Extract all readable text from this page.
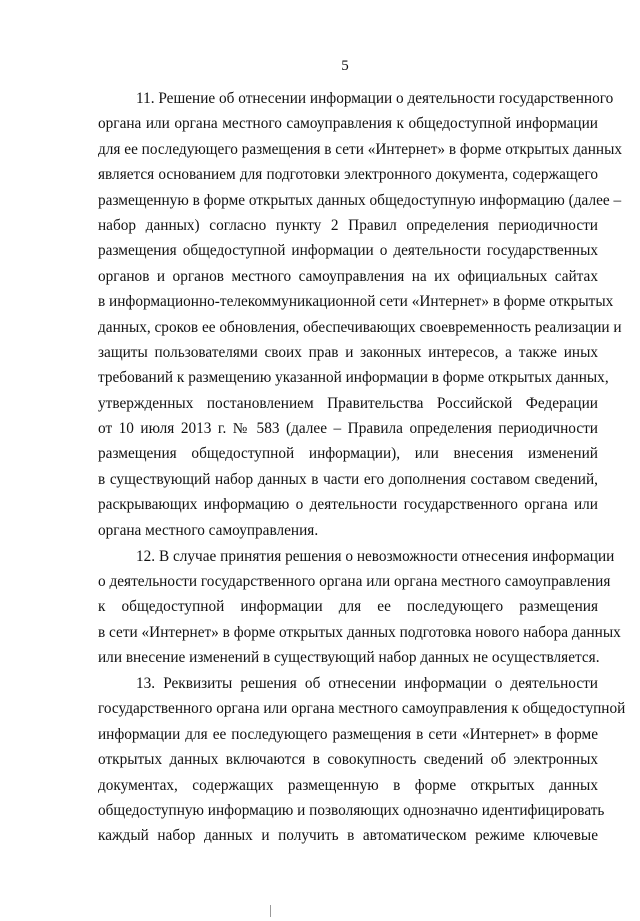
5
11. Решение об отнесении информации о деятельности государственного
органа или органа местного самоуправления к общедоступной информации
для ее последующего размещения в сети «Интернет» в форме открытых данных
является основанием для подготовки электронного документа, содержащего
размещенную в форме открытых данных общедоступную информацию (далее –
набор данных) согласно пункту 2 Правил определения периодичности
размещения общедоступной информации о деятельности государственных
органов и органов местного самоуправления на их официальных сайтах
в информационно-телекоммуникационной сети «Интернет» в форме открытых
данных, сроков ее обновления, обеспечивающих своевременность реализации и
защиты пользователями своих прав и законных интересов, а также иных
требований к размещению указанной информации в форме открытых данных,
утвержденных постановлением Правительства Российской Федерации
от 10 июля 2013 г. № 583 (далее – Правила определения периодичности
размещения общедоступной информации), или внесения изменений
в существующий набор данных в части его дополнения составом сведений,
раскрывающих информацию о деятельности государственного органа или
органа местного самоуправления.
12. В случае принятия решения о невозможности отнесения информации
о деятельности государственного органа или органа местного самоуправления
к общедоступной информации для ее последующего размещения
в сети «Интернет» в форме открытых данных подготовка нового набора данных
или внесение изменений в существующий набор данных не осуществляется.
13. Реквизиты решения об отнесении информации о деятельности
государственного органа или органа местного самоуправления к общедоступной
информации для ее последующего размещения в сети «Интернет» в форме
открытых данных включаются в совокупность сведений об электронных
документах, содержащих размещенную в форме открытых данных
общедоступную информацию и позволяющих однозначно идентифицировать
каждый набор данных и получить в автоматическом режиме ключевые
